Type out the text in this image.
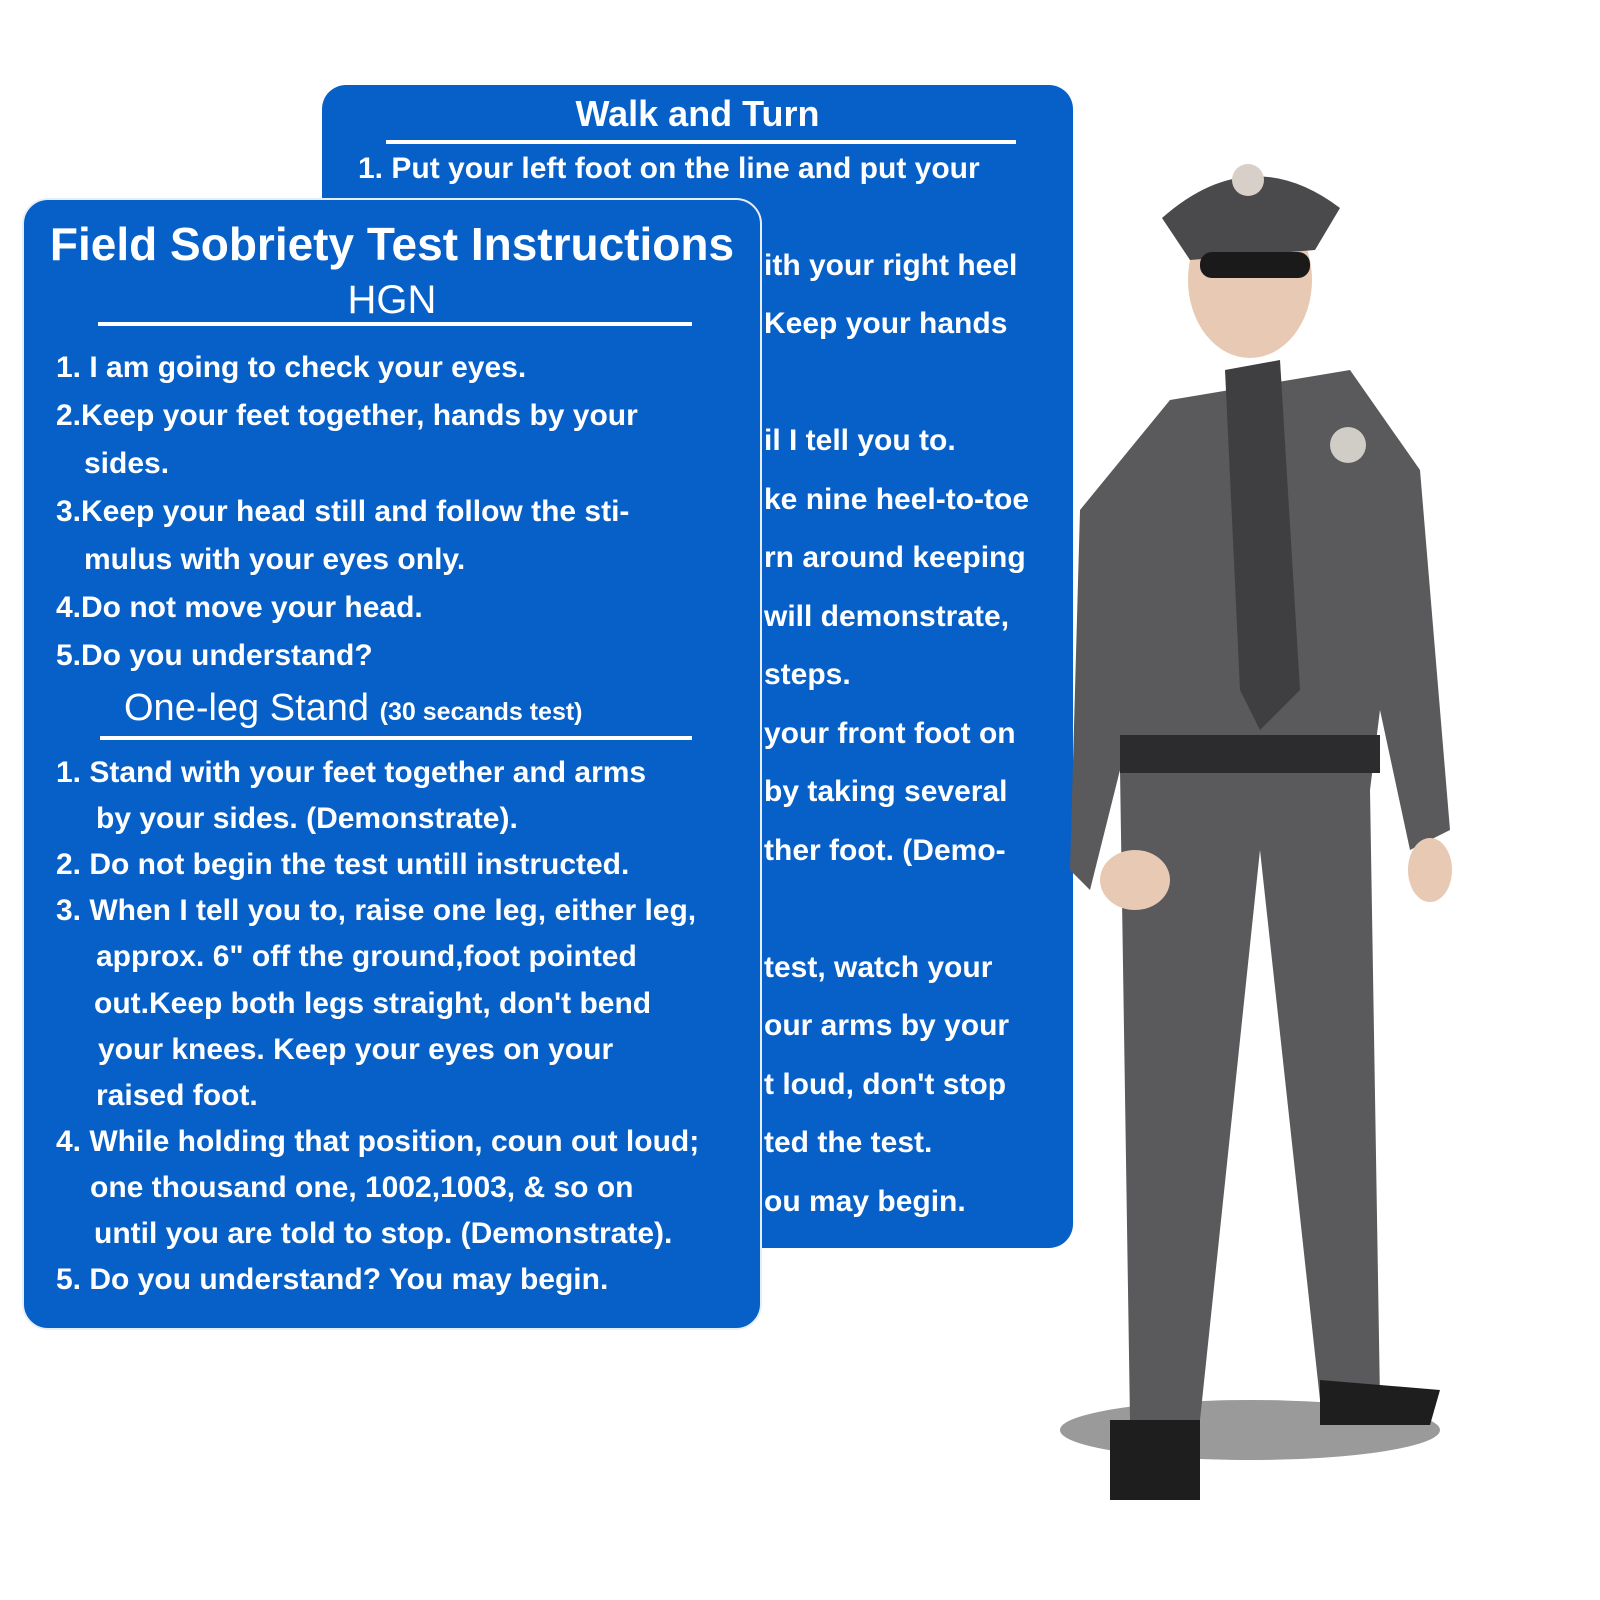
Walk and Turn
1. Put your left foot on the line and put your
ith your right heel
Keep your hands
il I tell you to.
ke nine heel-to-toe
rn around keeping
will demonstrate,
steps.
your front foot on
by taking several
ther foot. (Demo-
test, watch your
our arms by your
t loud, don't stop
ted the test.
ou may begin.
Field Sobriety Test Instructions
HGN
1. I am going to check your eyes.
2.Keep your feet together, hands by your
sides.
3.Keep your head still and follow the sti-
mulus with your eyes only.
4.Do not move your head.
5.Do you understand?
One-leg Stand (30 secands test)
1. Stand with your feet together and arms
by your sides. (Demonstrate).
2. Do not begin the test untill instructed.
3. When I tell you to, raise one leg, either leg,
approx. 6" off the ground,foot pointed
out.Keep both legs straight, don't bend
your knees. Keep your eyes on your
raised foot.
4. While holding that position, coun out loud;
one thousand one, 1002,1003, & so on
until you are told to stop. (Demonstrate).
5. Do you understand? You may begin.
